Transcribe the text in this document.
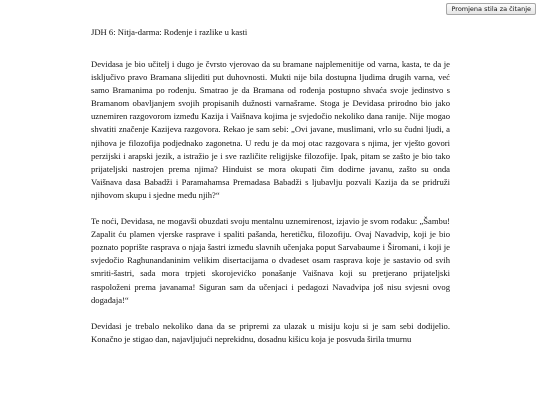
Promjena stila za čitanje
JDH 6: Nitja-darma: Rođenje i razlike u kasti

Devidasa je bio učitelj i dugo je čvrsto vjerovao da su bramane najplemenitije od varna, kasta, te da je isključivo pravo Bramana slijediti put duhovnosti. Mukti nije bila dostupna ljudima drugih varna, već samo Bramanima po rođenju. Smatrao je da Bramana od rođenja postupno shvaća svoje jedinstvo s Bramanom obavljanjem svojih propisanih dužnosti varnašrame. Stoga je Devidasa prirodno bio jako uznemiren razgovorom između Kazija i Vaišnava kojima je svjedočio nekoliko dana ranije. Nije mogao shvatiti značenje Kazijeva razgovora. Rekao je sam sebi: „Ovi javane, muslimani, vrlo su čudni ljudi, a njihova je filozofija podjednako zagonetna. U redu je da moj otac razgovara s njima, jer vješto govori perzijski i arapski jezik, a istražio je i sve različite religijske filozofije. Ipak, pitam se zašto je bio tako prijateljski nastrojen prema njima? Hinduist se mora okupati čim dodirne javanu, zašto su onda Vaišnava dasa Babadži i Paramahamsa Premadasa Babadži s ljubavlju pozvali Kazija da se pridruži njihovom skupu i sjedne među njih?“

Te noći, Devidasa, ne mogavši obuzdati svoju mentalnu uznemirenost, izjavio je svom rođaku: „Šambu! Zapalit ću plamen vjerske rasprave i spaliti pašanda, heretičku, filozofiju. Ovaj Navadvip, koji je bio poznato poprište rasprava o njaja šastri između slavnih učenjaka poput Sarvabaume i Širomani, i koji je svjedočio Raghunandaninim velikim disertacijama o dvadeset osam rasprava koje je sastavio od svih smriti-šastri, sada mora trpjeti skorojevićko ponašanje Vaišnava koji su pretjerano prijateljski raspoloženi prema javanama! Siguran sam da učenjaci i pedagozi Navadvipa još nisu svjesni ovog događaja!“

Devidasi je trebalo nekoliko dana da se pripremi za ulazak u misiju koju si je sam sebi dodijelio. Konačno je stigao dan, najavljujući neprekidnu, dosadnu kišicu koja je posvuda širila tmurnu
